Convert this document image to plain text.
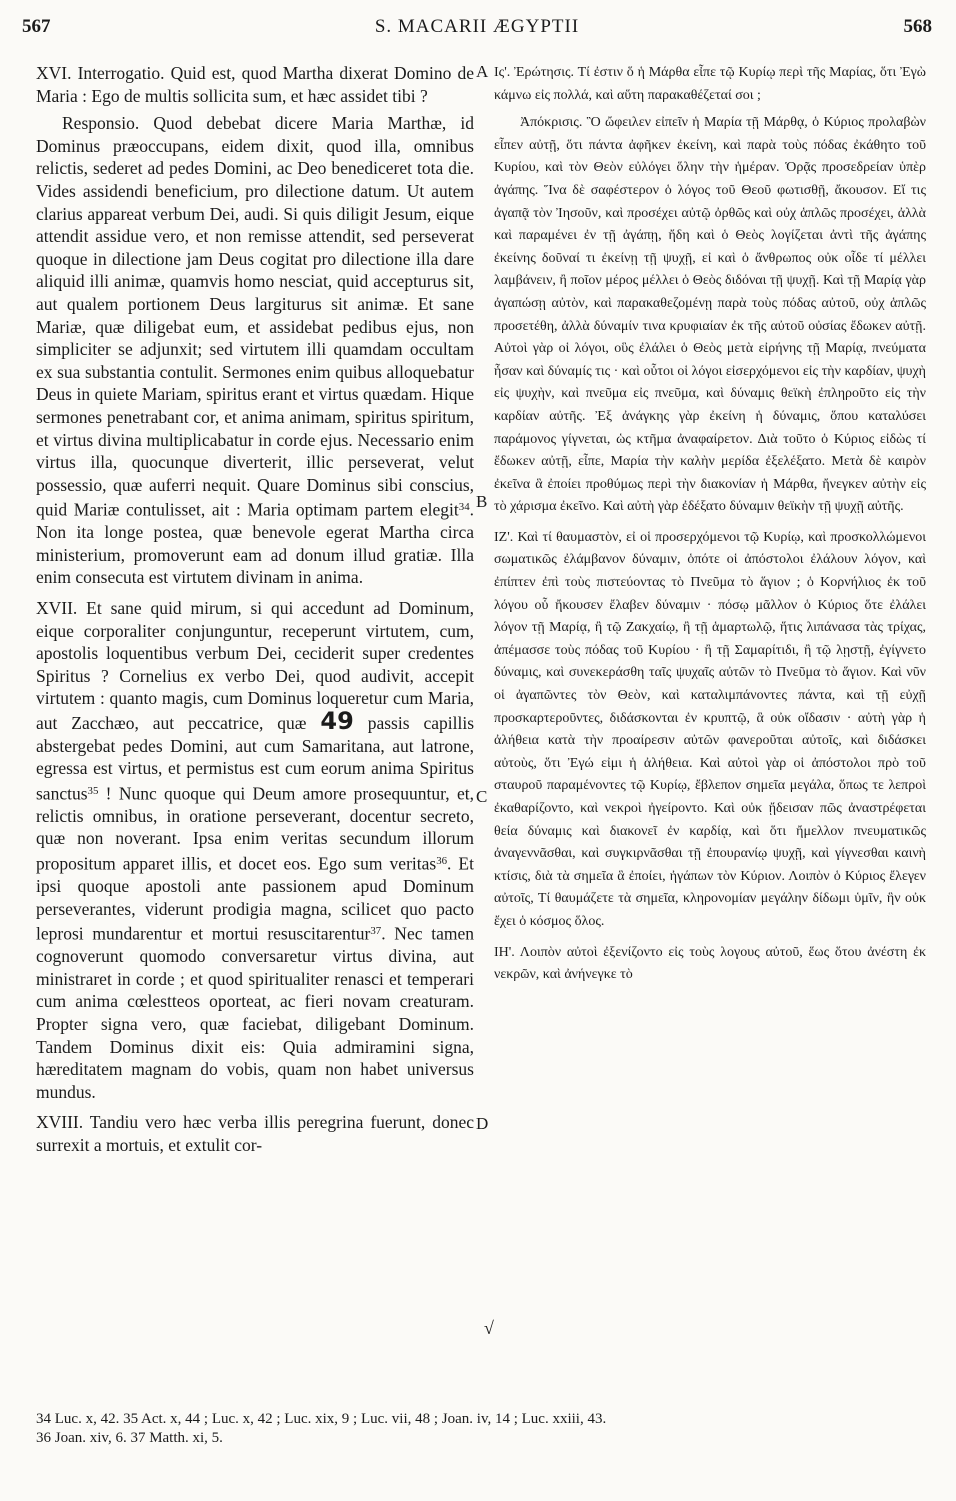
567	S. MACARII ÆGYPTII	568

XVI. Interrogatio. Quid est, quod Martha dixerat Domino de Maria : Ego de multis sollicita sum, et hæc assidet tibi ?

Responsio. Quod debebat dicere Maria Marthæ, id Dominus præoccupans, eidem dixit, quod illa, omnibus relictis, sederet ad pedes Domini, ac Deo benediceret tota die. Vides assidendi beneficium, pro dilectione datum. Ut autem clarius appareat verbum Dei, audi. Si quis diligit Jesum, eique attendit assidue vero, et non remisse attendit, sed perseverat quoque in dilectione jam Deus cogitat pro dilectione illa dare aliquid illi animæ, quamvis homo nesciat, quid accepturus sit, aut qualem portionem Deus largiturus sit animæ. Et sane Mariæ, quæ diligebat eum, et assidebat pedibus ejus, non simpliciter se adjunxit; sed virtutem illi quamdam occultam ex sua substantia contulit. Sermones enim quibus alloquebatur Deus in quiete Mariam, spiritus erant et virtus quædam. Hique sermones penetrabant cor, et anima animam, spiritus spiritum, et virtus divina multiplicabatur in corde ejus. Necessario enim virtus illa, quocunque diverterit, illic perseverat, velut possessio, quæ auferri nequit. Quare Dominus sibi conscius, quid Mariæ contulisset, ait : Maria optimam partem elegit$^{34}$. Non ita longe postea, quæ benevole egerat Martha circa ministerium, promoverunt eam ad donum illud gratiæ. Illa enim consecuta est virtutem divinam in anima.

XVII. Et sane quid mirum, si qui accedunt ad Dominum, eique corporaliter conjunguntur, receperunt virtutem, cum, apostolis loquentibus verbum Dei, ceciderit super credentes Spiritus ? Cornelius ex verbo Dei, quod audivit, accepit virtutem : quanto magis, cum Dominus loqueretur cum Maria, aut Zacchæo, aut peccatrice, quæ 49 passis capillis abstergebat pedes Domini, aut cum Samaritana, aut latrone, egressa est virtus, et permistus est cum eorum anima Spiritus sanctus$^{35}$ ! Nunc quoque qui Deum amore prosequuntur, et, relictis omnibus, in oratione perseverant, docentur secreto, quæ non noverant. Ipsa enim veritas secundum illorum propositum apparet illis, et docet eos. Ego sum veritas$^{36}$. Et ipsi quoque apostoli ante passionem apud Dominum perseverantes, viderunt prodigia magna, scilicet quo pacto leprosi mundarentur et mortui resuscitarentur$^{37}$. Nec tamen cognoverunt quomodo conversaretur virtus divina, aut ministraret in corde ; et quod spiritualiter renasci et temperari cum anima cœlestteos oporteat, ac fieri novam creaturam. Propter signa vero, quæ faciebat, diligebant Dominum. Tandem Dominus dixit eis: Quia admiramini signa, hæreditatem magnam do vobis, quam non habet universus mundus.

XVIII. Tandiu vero hæc verba illis peregrina fuerunt, donec surrexit a mortuis, et extulit cor-

A
B
C
D
√

Ις'. Ἐρώτησις. Τί ἐστιν ὅ ἡ Μάρθα εἶπε τῷ Κυρίῳ περὶ τῆς Μαρίας, ὅτι Ἐγὼ κάμνω εἰς πολλά, καὶ αὕτη παρακαθέζεταί σοι ;

Ἀπόκρισις. Ὃ ὤφειλεν εἰπεῖν ἡ Μαρία τῇ Μάρθᾳ, ὁ Κύριος προλαβὼν εἶπεν αὐτῇ, ὅτι πάντα ἀφῆκεν ἐκείνη, καὶ παρὰ τοὺς πόδας ἐκάθητο τοῦ Κυρίου, καὶ τὸν Θεὸν εὐλόγει ὅλην τὴν ἡμέραν. Ὁρᾷς προσεδρείαν ὑπὲρ ἀγάπης. Ἵνα δὲ σαφέστερον ὁ λόγος τοῦ Θεοῦ φωτισθῇ, ἄκουσον. Εἴ τις ἀγαπᾷ τὸν Ἰησοῦν, καὶ προσέχει αὐτῷ ὀρθῶς καὶ οὐχ ἁπλῶς προσέχει, ἀλλὰ καὶ παραμένει ἐν τῇ ἀγάπῃ, ἤδη καὶ ὁ Θεὸς λογίζεται ἀντὶ τῆς ἀγάπης ἐκείνης δοῦναί τι ἐκείνῃ τῇ ψυχῇ, εἰ καὶ ὁ ἄνθρωπος οὐκ οἶδε τί μέλλει λαμβάνειν, ἢ ποῖον μέρος μέλλει ὁ Θεὸς διδόναι τῇ ψυχῇ. Καὶ τῇ Μαρίᾳ γὰρ ἀγαπώσῃ αὐτὸν, καὶ παρακαθεζομένῃ παρὰ τοὺς πόδας αὐτοῦ, οὐχ ἁπλῶς προσετέθη, ἀλλὰ δύναμίν τινα κρυφιαίαν ἐκ τῆς αὐτοῦ οὐσίας ἔδωκεν αὐτῇ. Αὐτοὶ γὰρ οἱ λόγοι, οὓς ἐλάλει ὁ Θεὸς μετὰ εἰρήνης τῇ Μαρίᾳ, πνεύματα ἦσαν καὶ δύναμίς τις · καὶ οὗτοι οἱ λόγοι εἰσερχόμενοι εἰς τὴν καρδίαν, ψυχὴ εἰς ψυχὴν, καὶ πνεῦμα εἰς πνεῦμα, καὶ δύναμις θεϊκὴ ἐπληροῦτο εἰς τὴν καρδίαν αὐτῆς. Ἐξ ἀνάγκης γὰρ ἐκείνη ἡ δύναμις, ὅπου καταλύσει παράμονος γίγνεται, ὡς κτῆμα ἀναφαίρετον. Διὰ τοῦτο ὁ Κύριος εἰδὼς τί ἔδωκεν αὐτῇ, εἶπε, Μαρία τὴν καλὴν μερίδα ἐξελέξατο. Μετὰ δὲ καιρὸν ἐκεῖνα ἃ ἐποίει προθύμως περὶ τὴν διακονίαν ἡ Μάρθα, ἤνεγκεν αὐτὴν εἰς τὸ χάρισμα ἐκεῖνο. Καὶ αὐτὴ γὰρ ἐδέξατο δύναμιν θεϊκὴν τῇ ψυχῇ αὐτῆς.

ΙΖ'. Καὶ τί θαυμαστὸν, εἰ οἱ προσερχόμενοι τῷ Κυρίῳ, καὶ προσκολλώμενοι σωματικῶς ἐλάμβανον δύναμιν, ὁπότε οἱ ἀπόστολοι ἐλάλουν λόγον, καὶ ἐπίπτεν ἐπὶ τοὺς πιστεύοντας τὸ Πνεῦμα τὸ ἅγιον ; ὁ Κορνήλιος ἐκ τοῦ λόγου οὗ ἤκουσεν ἔλαβεν δύναμιν · πόσῳ μᾶλλον ὁ Κύριος ὅτε ἐλάλει λόγον τῇ Μαρίᾳ, ἢ τῷ Ζακχαίῳ, ἢ τῇ ἁμαρτωλῷ, ἥτις λιπάνασα τὰς τρίχας, ἀπέμασσε τοὺς πόδας τοῦ Κυρίου · ἢ τῇ Σαμαρίτιδι, ἢ τῷ λῃστῇ, ἐγίγνετο δύναμις, καὶ συνεκεράσθη ταῖς ψυχαῖς αὐτῶν τὸ Πνεῦμα τὸ ἅγιον. Καὶ νῦν οἱ ἀγαπῶντες τὸν Θεὸν, καὶ καταλιμπάνοντες πάντα, καὶ τῇ εὐχῇ προσκαρτεροῦντες, διδάσκονται ἐν κρυπτῷ, ἃ οὐκ οἴδασιν · αὐτὴ γὰρ ἡ ἀλήθεια κατὰ τὴν προαίρεσιν αὐτῶν φανεροῦται αὐτοῖς, καὶ διδάσκει αὐτοὺς, ὅτι Ἐγώ εἰμι ἡ ἀλήθεια. Καὶ αὐτοὶ γὰρ οἱ ἀπόστολοι πρὸ τοῦ σταυροῦ παραμένοντες τῷ Κυρίῳ, ἔβλεπον σημεῖα μεγάλα, ὅπως τε λεπροὶ ἐκαθαρίζοντο, καὶ νεκροὶ ἠγείροντο. Καὶ οὐκ ᾔδεισαν πῶς ἀναστρέφεται θεία δύναμις καὶ διακονεῖ ἐν καρδίᾳ, καὶ ὅτι ἤμελλον πνευματικῶς ἀναγεννᾶσθαι, καὶ συγκιρνᾶσθαι τῇ ἐπουρανίῳ ψυχῇ, καὶ γίγνεσθαι καινὴ κτίσις, διὰ τὰ σημεῖα ἃ ἐποίει, ἠγάπων τὸν Κύριον. Λοιπὸν ὁ Κύριος ἔλεγεν αὐτοῖς, Τί θαυμάζετε τὰ σημεῖα, κληρονομίαν μεγάλην δίδωμι ὑμῖν, ἣν οὐκ ἔχει ὁ κόσμος ὅλος.

ΙΗ'. Λοιπὸν αὐτοὶ ἐξενίζοντο εἰς τοὺς λογους αὐτοῦ, ἕως ὅτου ἀνέστη ἐκ νεκρῶν, καὶ ἀνήνεγκε τὸ

34 Luc. x, 42. 35 Act. x, 44 ; Luc. x, 42 ; Luc. xix, 9 ; Luc. vii, 48 ; Joan. iv, 14 ; Luc. xxiii, 43.
36 Joan. xiv, 6. 37 Matth. xi, 5.
